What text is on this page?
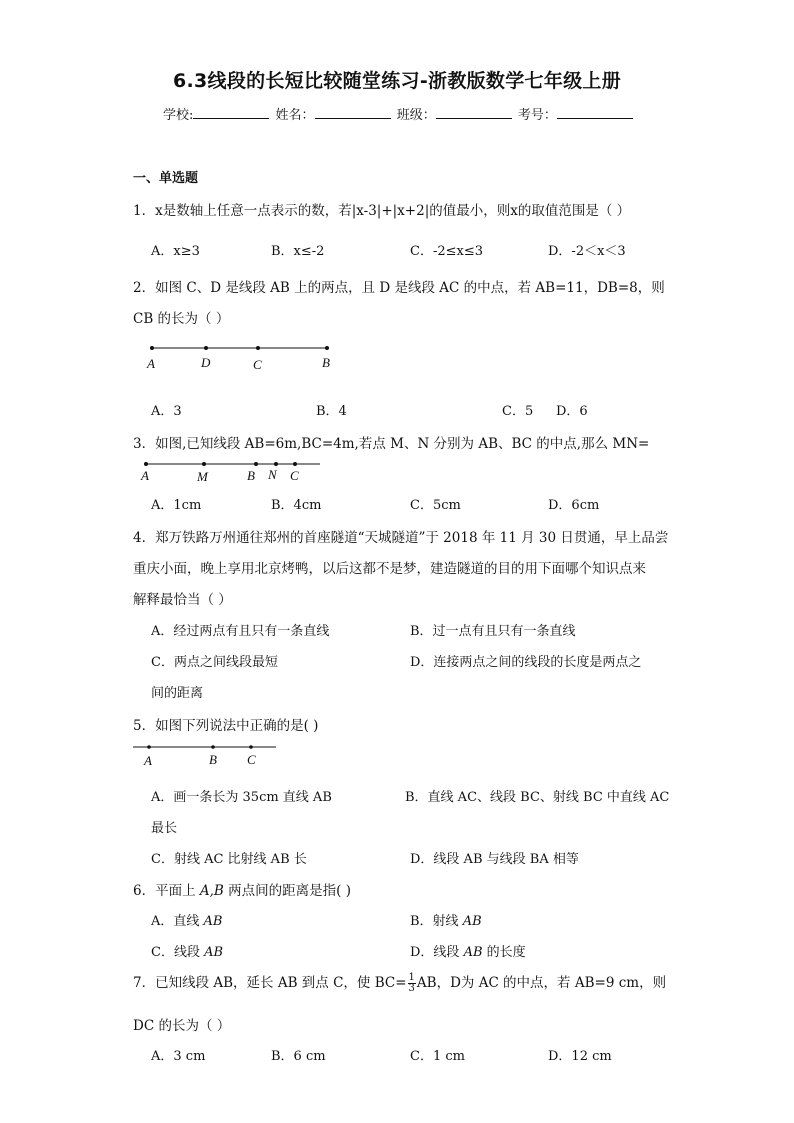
6.3线段的长短比较随堂练习-浙教版数学七年级上册
学校:	姓名：	班级：	考号：
一、单选题
1．x是数轴上任意一点表示的数，若|x-3|+|x+2|的值最小，则x的取值范围是（ ）
A．x≥3	B．x≤-2	C．-2≤x≤3	D．-2＜x＜3
2．如图 C、D 是线段 AB 上的两点，且 D 是线段 AC 的中点，若 AB=11，DB=8，则
CB 的长为（ ）
A	D	C	B
A．3	B．4	C．5 D．6
3．如图,已知线段 AB=6m,BC=4m,若点 M、N 分别为 AB、BC 的中点,那么 MN=
A	M	B N C
A．1cm	B．4cm	C．5cm	D．6cm
4．郑万铁路万州通往郑州的首座隧道“天城隧道”于 2018 年 11 月 30 日贯通，早上品尝
重庆小面，晚上享用北京烤鸭，以后这都不是梦，建造隧道的目的用下面哪个知识点来
解释最恰当（ ）
A．经过两点有且只有一条直线	B．过一点有且只有一条直线
C．两点之间线段最短	D．连接两点之间的线段的长度是两点之
间的距离
5．如图下列说法中正确的是( )
A	B C
A．画一条长为 35cm 直线 AB	B．直线 AC、线段 BC、射线 BC 中直线 AC
最长
C．射线 AC 比射线 AB 长	D．线段 AB 与线段 BA 相等
6．平面上 A,B 两点间的距离是指( )
A．直线 AB	B．射线 AB
C．线段 AB	D．线段 AB 的长度
7．已知线段 AB，延长 AB 到点 C，使 $BC= \frac{1}{3}$ AB，D为 AC 的中点，若 AB=9 cm，则
DC 的长为（ ）
A．3 cm	B．6 cm	C．1 cm	D．12 cm
